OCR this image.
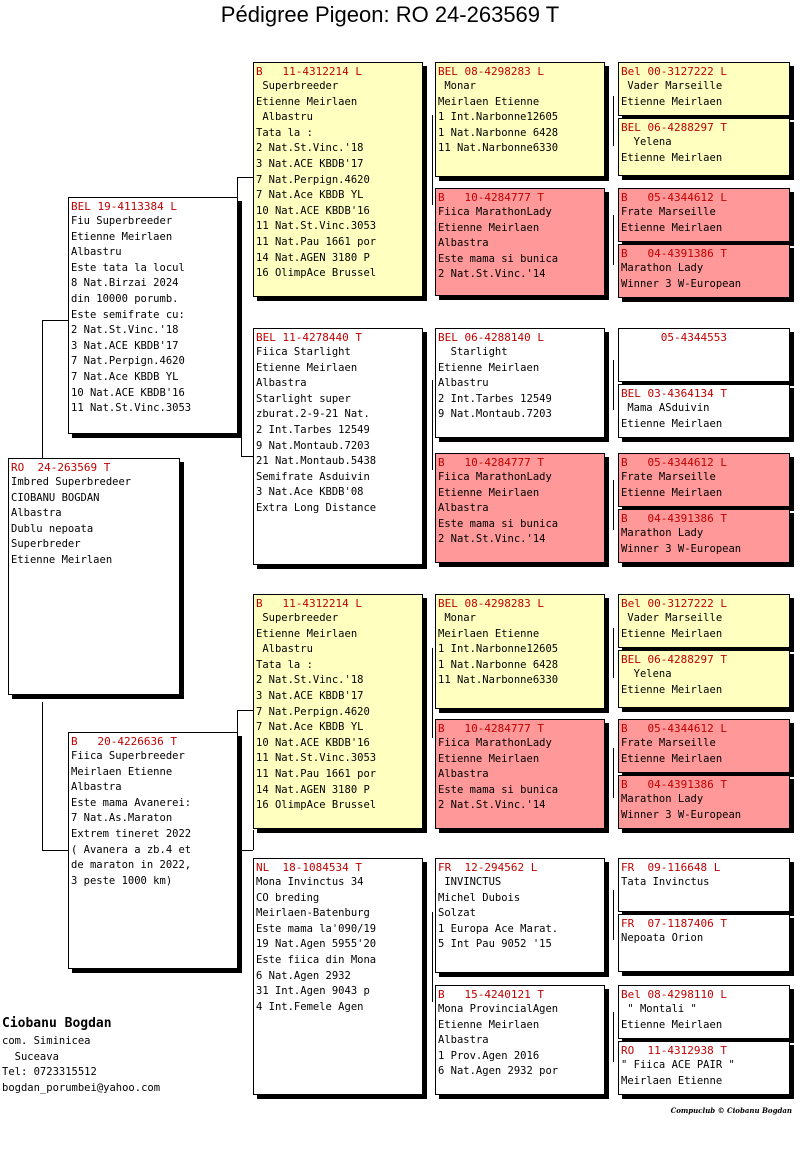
Pédigree Pigeon: RO 24-263569 T
RO  24-263569 T
Imbred Superbredeer
CIOBANU BOGDAN
Albastra
Dublu nepoata
Superbreder
Etienne Meirlaen
BEL 19-4113384 L
Fiu Superbreeder
Etienne Meirlaen
Albastru
Este tata la locul
8 Nat.Birzai 2024
din 10000 porumb.
Este semifrate cu:
2 Nat.St.Vinc.'18
3 Nat.ACE KBDB'17
7 Nat.Perpign.4620
7 Nat.Ace KBDB YL
10 Nat.ACE KBDB'16
11 Nat.St.Vinc.3053
B   20-4226636 T
Fiica Superbreeder
Meirlaen Etienne
Albastra
Este mama Avanerei:
7 Nat.As.Maraton
Extrem tineret 2022
( Avanera a zb.4 et
de maraton in 2022,
3 peste 1000 km)
B   11-4312214 L
Superbreeder
Etienne Meirlaen
Albastru
Tata la :
2 Nat.St.Vinc.'18
3 Nat.ACE KBDB'17
7 Nat.Perpign.4620
7 Nat.Ace KBDB YL
10 Nat.ACE KBDB'16
11 Nat.St.Vinc.3053
11 Nat.Pau 1661 por
14 Nat.AGEN 3180 P
16 OlimpAce Brussel
BEL 11-4278440 T
Fiica Starlight
Etienne Meirlaen
Albastra
Starlight super
zburat.2-9-21 Nat.
2 Int.Tarbes 12549
9 Nat.Montaub.7203
21 Nat.Montaub.5438
Semifrate Asduivin
3 Nat.Ace KBDB'08
Extra Long Distance
B   11-4312214 L
Superbreeder
Etienne Meirlaen
Albastru
Tata la :
2 Nat.St.Vinc.'18
3 Nat.ACE KBDB'17
7 Nat.Perpign.4620
7 Nat.Ace KBDB YL
10 Nat.ACE KBDB'16
11 Nat.St.Vinc.3053
11 Nat.Pau 1661 por
14 Nat.AGEN 3180 P
16 OlimpAce Brussel
NL  18-1084534 T
Mona Invinctus 34
CO breding
Meirlaen-Batenburg
Este mama la'090/19
19 Nat.Agen 5955'20
Este fiica din Mona
6 Nat.Agen 2932
31 Int.Agen 9043 p
4 Int.Femele Agen
BEL 08-4298283 L
Monar
Meirlaen Etienne
1 Int.Narbonne12605
1 Nat.Narbonne 6428
11 Nat.Narbonne6330
B   10-4284777 T
Fiica MarathonLady
Etienne Meirlaen
Albastra
Este mama si bunica
2 Nat.St.Vinc.'14
BEL 06-4288140 L
Starlight
Etienne Meirlaen
Albastru
2 Int.Tarbes 12549
9 Nat.Montaub.7203
B   10-4284777 T
Fiica MarathonLady
Etienne Meirlaen
Albastra
Este mama si bunica
2 Nat.St.Vinc.'14
BEL 08-4298283 L
Monar
Meirlaen Etienne
1 Int.Narbonne12605
1 Nat.Narbonne 6428
11 Nat.Narbonne6330
B   10-4284777 T
Fiica MarathonLady
Etienne Meirlaen
Albastra
Este mama si bunica
2 Nat.St.Vinc.'14
FR  12-294562 L
INVINCTUS
Michel Dubois
Solzat
1 Europa Ace Marat.
5 Int Pau 9052 '15
B   15-4240121 T
Mona ProvincialAgen
Etienne Meirlaen
Albastra
1 Prov.Agen 2016
6 Nat.Agen 2932 por
Bel 00-3127222 L
Vader Marseille
Etienne Meirlaen
BEL 06-4288297 T
Yelena
Etienne Meirlaen
B   05-4344612 L
Frate Marseille
Etienne Meirlaen
B   04-4391386 T
Marathon Lady
Winner 3 W-European
05-4344553
BEL 03-4364134 T
Mama ASduivin
Etienne Meirlaen
B   05-4344612 L
Frate Marseille
Etienne Meirlaen
B   04-4391386 T
Marathon Lady
Winner 3 W-European
Bel 00-3127222 L
Vader Marseille
Etienne Meirlaen
BEL 06-4288297 T
Yelena
Etienne Meirlaen
B   05-4344612 L
Frate Marseille
Etienne Meirlaen
B   04-4391386 T
Marathon Lady
Winner 3 W-European
FR  09-116648 L
Tata Invinctus
FR  07-1187406 T
Nepoata Orion
Bel 08-4298110 L
" Montali "
Etienne Meirlaen
RO  11-4312938 T
" Fiica ACE PAIR "
Meirlaen Etienne
Ciobanu Bogdan
com. Siminicea
Suceava
Tel: 0723315512
bogdan_porumbei@yahoo.com
Compuclub © Ciobanu Bogdan
